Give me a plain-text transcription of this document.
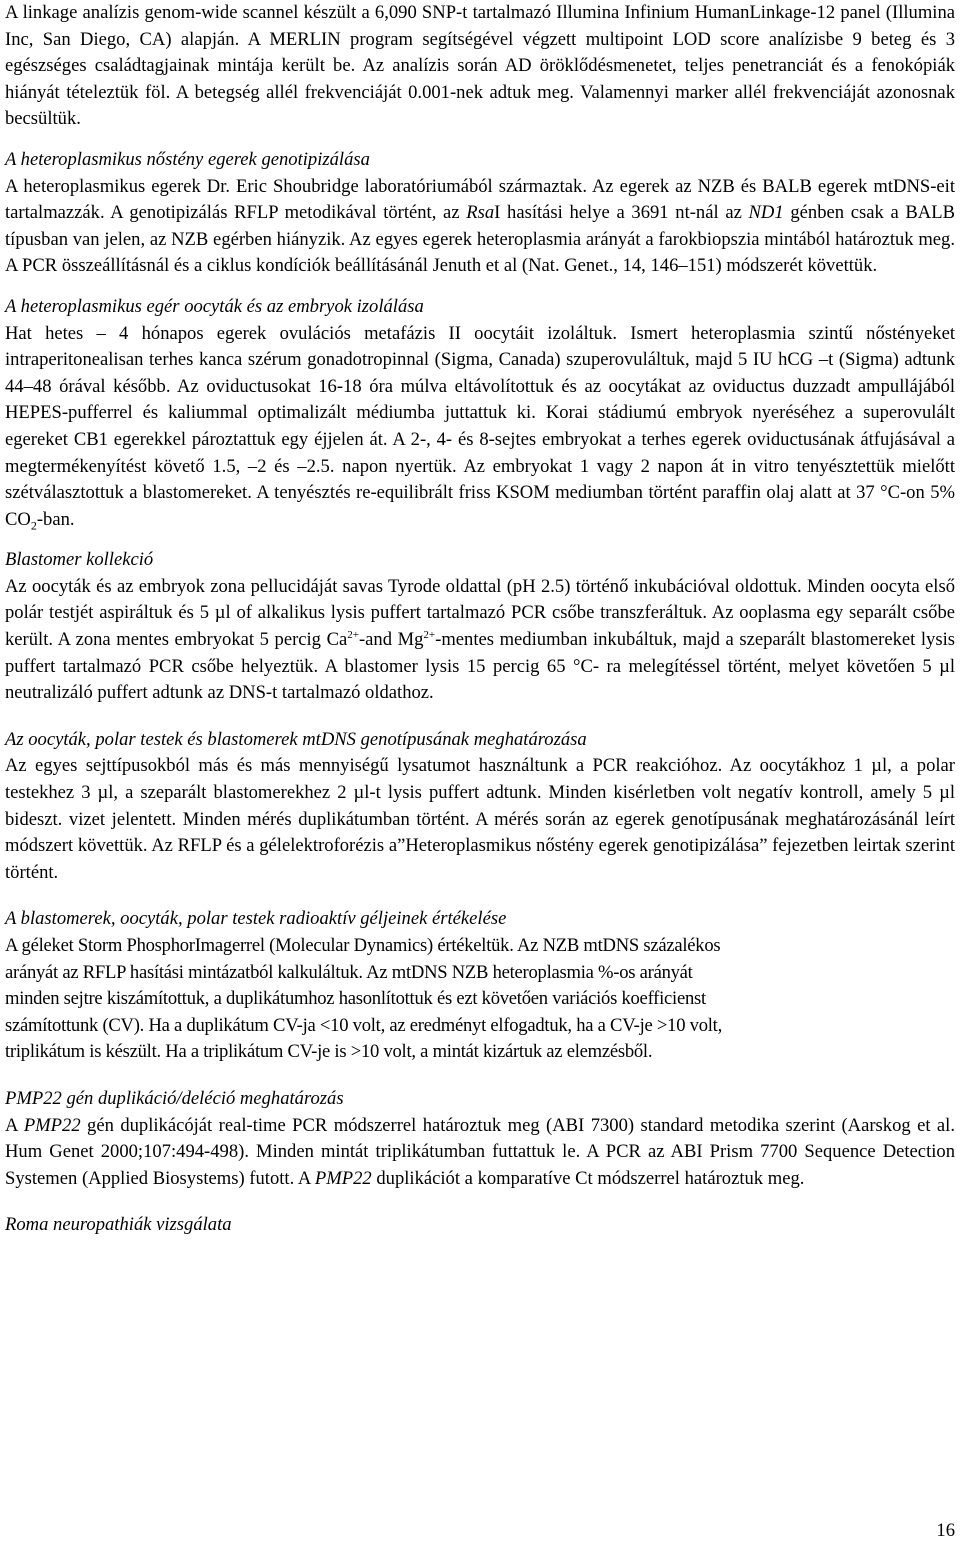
A linkage analízis genom-wide scannel készült a 6,090 SNP-t tartalmazó Illumina Infinium HumanLinkage-12 panel (Illumina Inc, San Diego, CA) alapján. A MERLIN program segítségével végzett multipoint LOD score analízisbe 9 beteg és 3 egészséges családtagjainak mintája került be. Az analízis során AD öröklődésmenetet, teljes penetranciát és a fenokópiák hiányát tételeztük föl. A betegség allél frekvenciáját 0.001-nek adtuk meg. Valamennyi marker allél frekvenciáját azonosnak becsültük.

A heteroplasmikus nőstény egerek genotipizálása

A heteroplasmikus egerek Dr. Eric Shoubridge laboratóriumából származtak. Az egerek az NZB és BALB egerek mtDNS-eit tartalmazzák. A genotipizálás RFLP metodikával történt, az RsaI hasítási helye a 3691 nt-nál az ND1 génben csak a BALB típusban van jelen, az NZB egérben hiányzik. Az egyes egerek heteroplasmia arányát a farokbiopszia mintából határoztuk meg. A PCR összeállításnál és a ciklus kondíciók beállításánál Jenuth et al (Nat. Genet., 14, 146–151) módszerét követtük.

A heteroplasmikus egér oocyták és az embryok izolálása

Hat hetes – 4 hónapos egerek ovulációs metafázis II oocytáit izoláltuk. Ismert heteroplasmia szintű nőstényeket intraperitonealisan terhes kanca szérum gonadotropinnal (Sigma, Canada) szuperovuláltuk, majd 5 IU hCG –t (Sigma) adtunk 44–48 órával később. Az oviductusokat 16-18 óra múlva eltávolítottuk és az oocytákat az oviductus duzzadt ampullájából HEPES-pufferrel és kaliummal optimalizált médiumba juttattuk ki. Korai stádiumú embryok nyeréséhez a superovulált egereket CB1 egerekkel pároztattuk egy éjjelen át. A 2-, 4- és 8-sejtes embryokat a terhes egerek oviductusának átfujásával a megtermékenyítést követő 1.5, –2 és –2.5. napon nyertük. Az embryokat 1 vagy 2 napon át in vitro tenyésztettük mielőtt szétválasztottuk a blastomereket. A tenyésztés re-equilibrált friss KSOM mediumban történt paraffin olaj alatt at 37 °C-on 5% $CO_2$-ban.

Blastomer kollekció

Az oocyták és az embryok zona pellucidáját savas Tyrode oldattal (pH 2.5) történő inkubációval oldottuk. Minden oocyta első polár testjét aspiráltuk és 5 µl of alkalikus lysis puffert tartalmazó PCR csőbe transzferáltuk. Az ooplasma egy separált csőbe került. A zona mentes embryokat 5 percig $Ca^{2+}$-and $Mg^{2+}$-mentes mediumban inkubáltuk, majd a szeparált blastomereket lysis puffert tartalmazó PCR csőbe helyeztük. A blastomer lysis 15 percig 65 °C- ra melegítéssel történt, melyet követően 5 µl neutralizáló puffert adtunk az DNS-t tartalmazó oldathoz.

Az oocyták, polar testek és blastomerek mtDNS genotípusának meghatározása

Az egyes sejttípusokból más és más mennyiségű lysatumot használtunk a PCR reakcióhoz. Az oocytákhoz 1 µl, a polar testekhez 3 µl, a szeparált blastomerekhez 2 µl-t lysis puffert adtunk. Minden kisérletben volt negatív kontroll, amely 5 µl bideszt. vizet jelentett. Minden mérés duplikátumban történt. A mérés során az egerek genotípusának meghatározásánál leírt módszert követtük. Az RFLP és a gélelektroforézis a”Heteroplasmikus nőstény egerek genotipizálása” fejezetben leirtak szerint történt.

A blastomerek, oocyták, polar testek radioaktív géljeinek értékelése

A géleket Storm PhosphorImagerrel (Molecular Dynamics) értékeltük. Az NZB mtDNS százalékos
arányát az RFLP hasítási mintázatból kalkuláltuk. Az mtDNS NZB heteroplasmia %-os arányát
minden sejtre kiszámítottuk, a duplikátumhoz hasonlítottuk és ezt követően variációs koefficienst
számítottunk (CV). Ha a duplikátum CV-ja <10 volt, az eredményt elfogadtuk, ha a CV-je >10 volt,
triplikátum is készült. Ha a triplikátum CV-je is >10 volt, a mintát kizártuk az elemzésből.

PMP22 gén duplikáció/deléció meghatározás

A PMP22 gén duplikácóját real-time PCR módszerrel határoztuk meg (ABI 7300) standard metodika szerint (Aarskog et al. Hum Genet 2000;107:494-498). Minden mintát triplikátumban futtattuk le. A PCR az ABI Prism 7700 Sequence Detection Systemen (Applied Biosystems) futott. A PMP22 duplikációt a komparatíve Ct módszerrel határoztuk meg.

Roma neuropathiák vizsgálata

16
